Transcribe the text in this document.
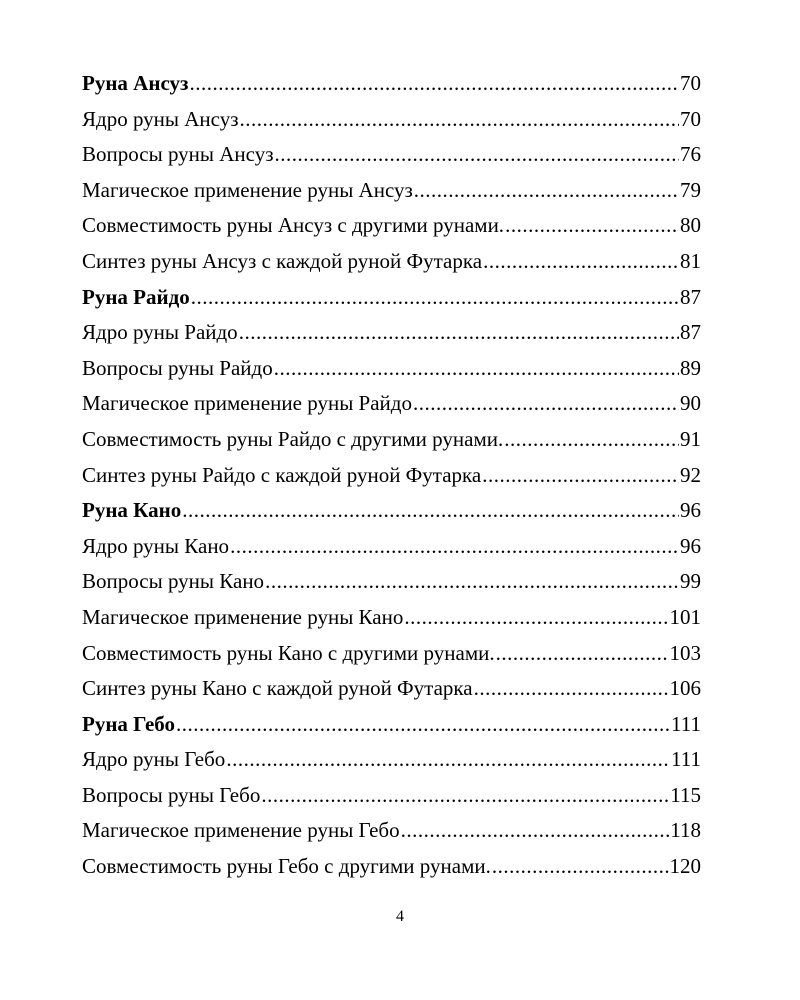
Руна Ансуз .....	70
Ядро руны Ансуз .....	70
Вопросы руны Ансуз .....	76
Магическое применение руны Ансуз .....	79
Совместимость руны Ансуз с другими рунами. .....	80
Синтез руны Ансуз с каждой руной Футарка .....	81
Руна Райдо .....	87
Ядро руны Райдо .....	87
Вопросы руны Райдо .....	89
Магическое применение руны Райдо .....	90
Совместимость руны Райдо с другими рунами. .....	91
Синтез руны Райдо с каждой руной Футарка .....	92
Руна Кано .....	96
Ядро руны Кано .....	96
Вопросы руны Кано .....	99
Магическое применение руны Кано .....	101
Совместимость руны Кано с другими рунами. .....	103
Синтез руны Кано с каждой руной Футарка .....	106
Руна Гебо .....	111
Ядро руны Гебо .....	111
Вопросы руны Гебо .....	115
Магическое применение руны Гебо .....	118
Совместимость руны Гебо с другими рунами. .....	120
4
